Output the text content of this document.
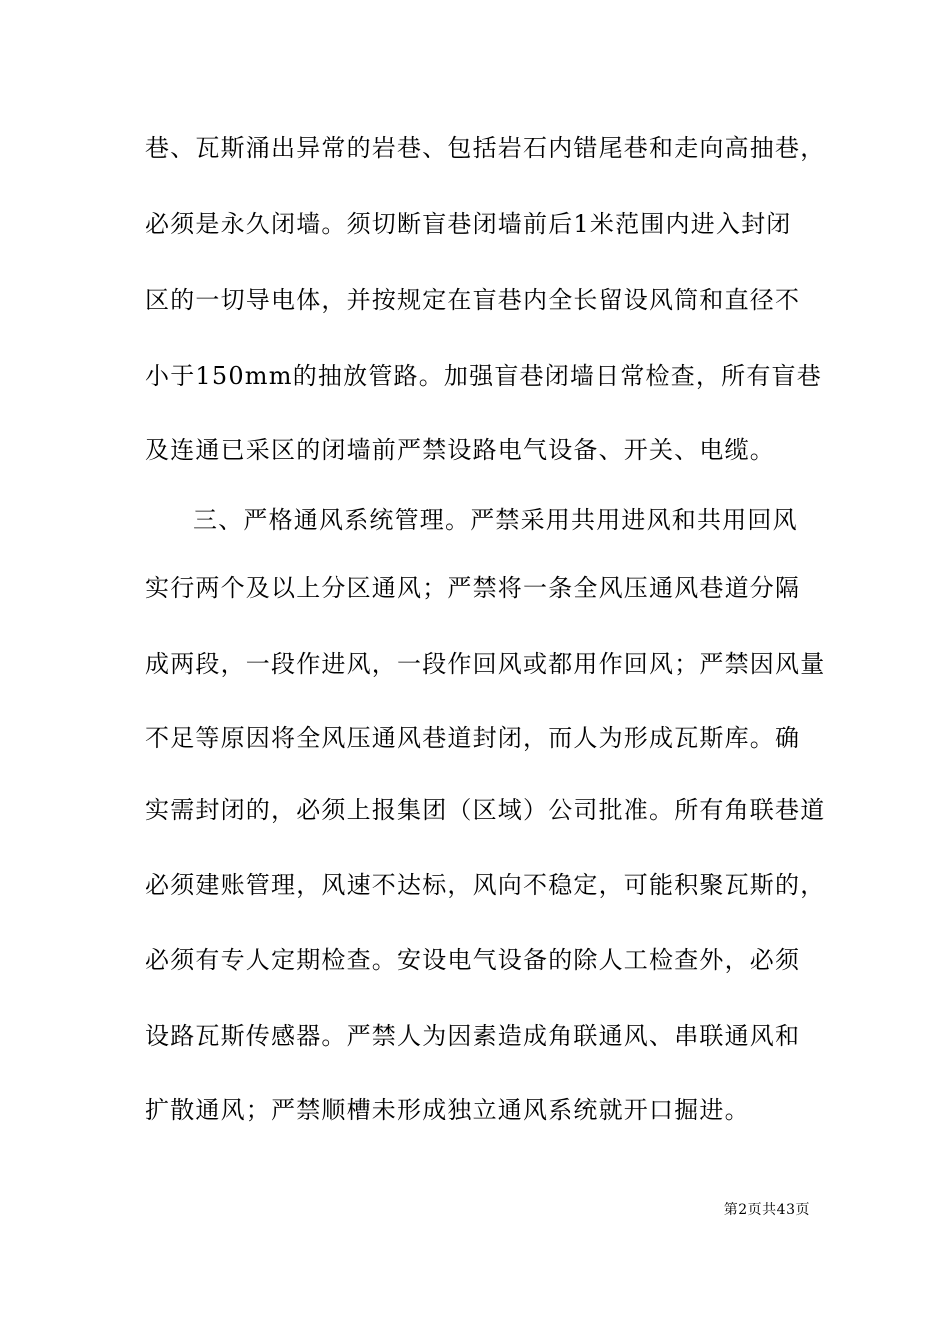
巷、瓦斯涌出异常的岩巷、包括岩石内错尾巷和走向高抽巷，
必须是永久闭墙。须切断盲巷闭墙前后1米范围内进入封闭
区的一切导电体，并按规定在盲巷内全长留设风筒和直径不
小于150mm的抽放管路。加强盲巷闭墙日常检查，所有盲巷
及连通已采区的闭墙前严禁设路电气设备、开关、电缆。
三、严格通风系统管理。严禁采用共用进风和共用回风
实行两个及以上分区通风；严禁将一条全风压通风巷道分隔
成两段，一段作进风，一段作回风或都用作回风；严禁因风量
不足等原因将全风压通风巷道封闭，而人为形成瓦斯库。确
实需封闭的，必须上报集团（区域）公司批准。所有角联巷道
必须建账管理，风速不达标，风向不稳定，可能积聚瓦斯的，
必须有专人定期检查。安设电气设备的除人工检查外，必须
设路瓦斯传感器。严禁人为因素造成角联通风、串联通风和
扩散通风；严禁顺槽未形成独立通风系统就开口掘进。
第2页共43页
